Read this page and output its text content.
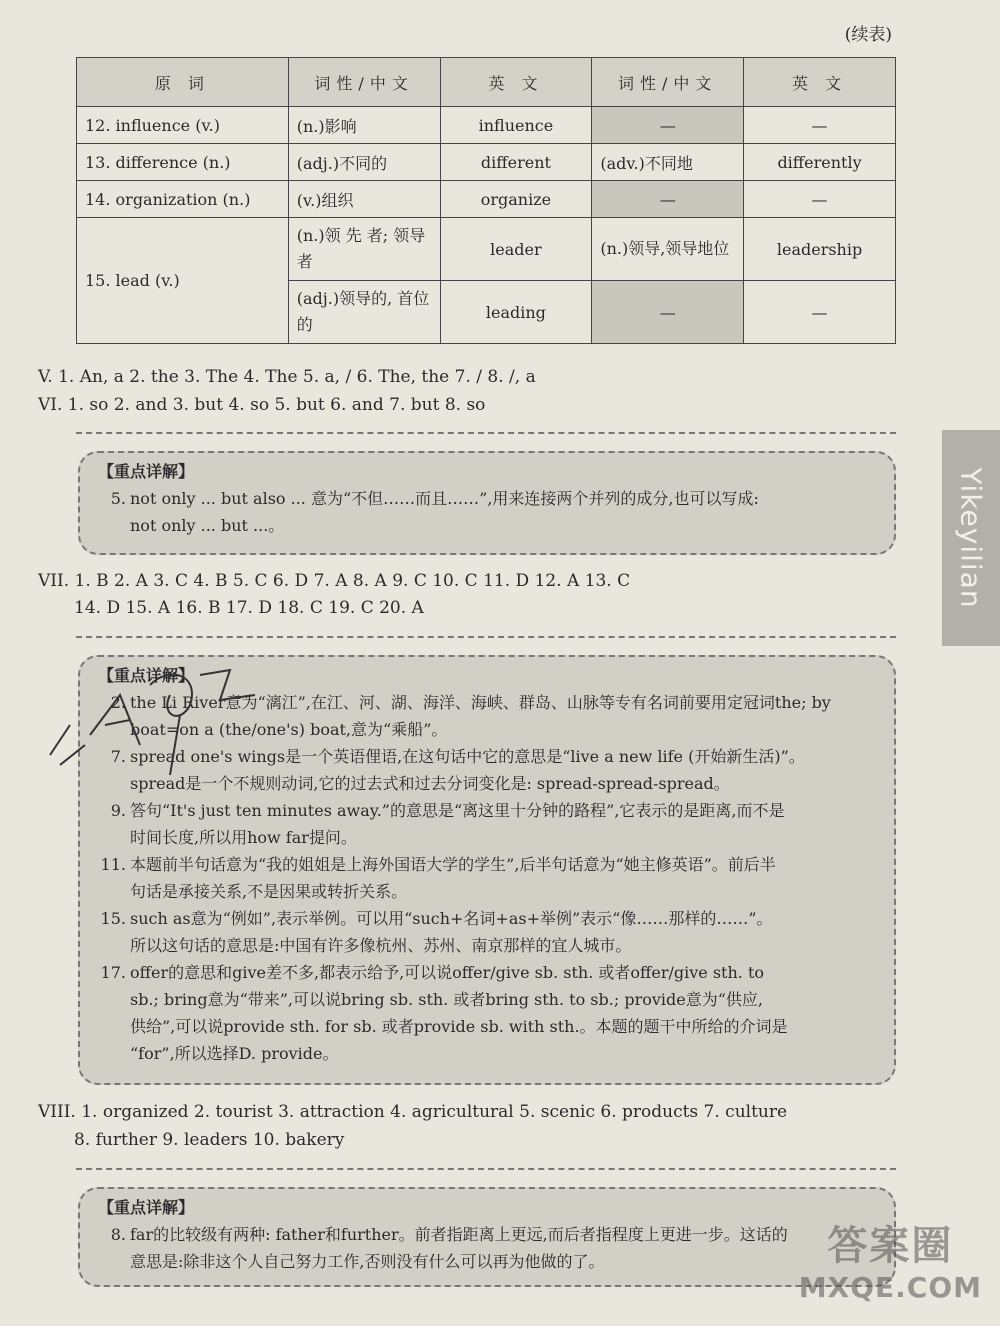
(续表)
原 词	词性/中文	英 文	词性/中文	英 文
12. influence (v.)	(n.)影响	influence	—	—
13. difference (n.)	(adj.)不同的	different	(adv.)不同地	differently
14. organization (n.)	(v.)组织	organize	—	—
15. lead (v.)	(n.)领 先 者; 领导者	leader	(n.)领导,领导地位	leadership
	(adj.)领导的, 首位的	leading	—	—
V. 1. An, a 2. the 3. The 4. The 5. a, / 6. The, the 7. / 8. /, a
VI. 1. so 2. and 3. but 4. so 5. but 6. and 7. but 8. so
【重点详解】
5. not only ... but also ... 意为“不但……而且……”,用来连接两个并列的成分,也可以写成:
not only ... but ...。
VII. 1. B 2. A 3. C 4. B 5. C 6. D 7. A 8. A 9. C 10. C 11. D 12. A 13. C
14. D 15. A 16. B 17. D 18. C 19. C 20. A
【重点详解】
2. the Li River意为“漓江”,在江、河、湖、海洋、海峡、群岛、山脉等专有名词前要用定冠词the; by
boat=on a (the/one's) boat,意为“乘船”。
7. spread one's wings是一个英语俚语,在这句话中它的意思是“live a new life (开始新生活)”。
spread是一个不规则动词,它的过去式和过去分词变化是: spread-spread-spread。
9. 答句“It's just ten minutes away.”的意思是“离这里十分钟的路程”,它表示的是距离,而不是
时间长度,所以用how far提问。
11. 本题前半句话意为“我的姐姐是上海外国语大学的学生”,后半句话意为“她主修英语”。前后半
句话是承接关系,不是因果或转折关系。
15. such as意为“例如”,表示举例。可以用“such+名词+as+举例”表示“像……那样的……”。
所以这句话的意思是:中国有许多像杭州、苏州、南京那样的宜人城市。
17. offer的意思和give差不多,都表示给予,可以说offer/give sb. sth. 或者offer/give sth. to
sb.; bring意为“带来”,可以说bring sb. sth. 或者bring sth. to sb.; provide意为“供应,
供给”,可以说provide sth. for sb. 或者provide sb. with sth.。本题的题干中所给的介词是
“for”,所以选择D. provide。
VIII. 1. organized 2. tourist 3. attraction 4. agricultural 5. scenic 6. products 7. culture
8. further 9. leaders 10. bakery
【重点详解】
8. far的比较级有两种: father和further。前者指距离上更远,而后者指程度上更进一步。这话的
意思是:除非这个人自己努力工作,否则没有什么可以再为他做的了。
Yikeyilian
答案圈
MXQE.COM
